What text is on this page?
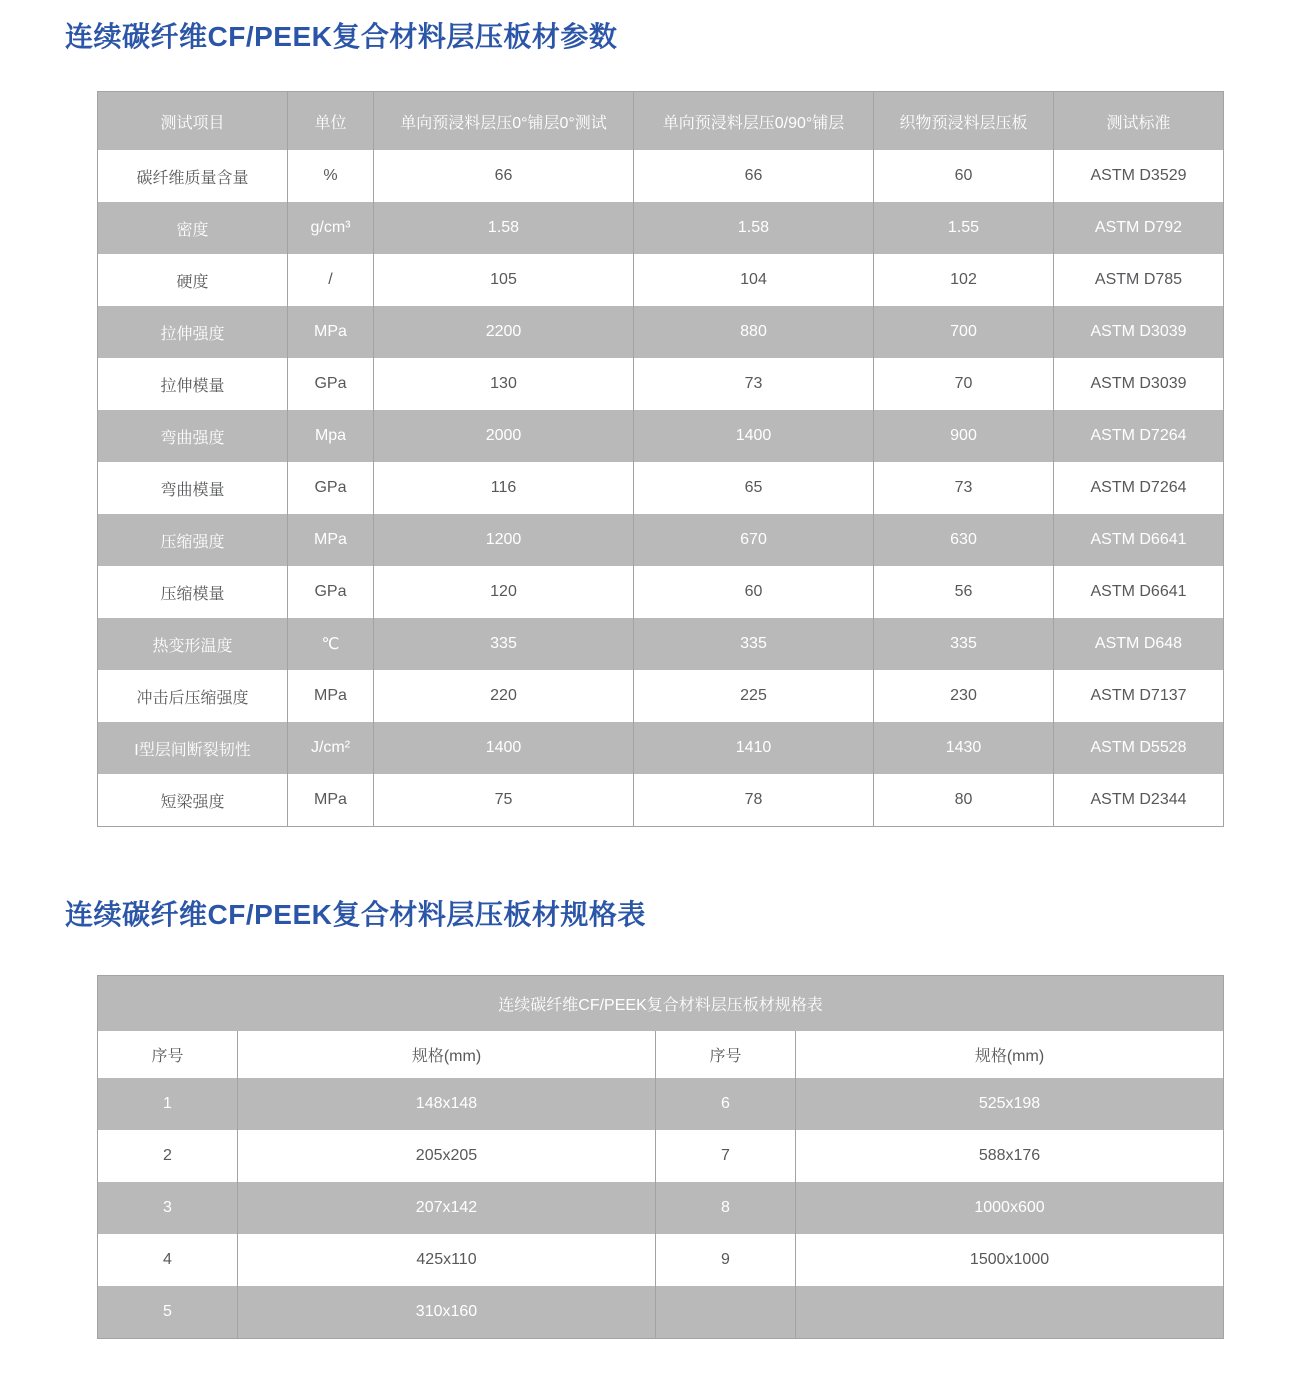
连续碳纤维CF/PEEK复合材料层压板材参数
测试项目	单位	单向预浸料层压0°铺层0°测试	单向预浸料层压0/90°铺层	织物预浸料层压板	测试标准
碳纤维质量含量	%	66	66	60	ASTM D3529
密度	g/cm³	1.58	1.58	1.55	ASTM D792
硬度	/	105	104	102	ASTM D785
拉伸强度	MPa	2200	880	700	ASTM D3039
拉伸模量	GPa	130	73	70	ASTM D3039
弯曲强度	Mpa	2000	1400	900	ASTM D7264
弯曲模量	GPa	116	65	73	ASTM D7264
压缩强度	MPa	1200	670	630	ASTM D6641
压缩模量	GPa	120	60	56	ASTM D6641
热变形温度	℃	335	335	335	ASTM D648
冲击后压缩强度	MPa	220	225	230	ASTM D7137
I型层间断裂韧性	J/cm²	1400	1410	1430	ASTM D5528
短梁强度	MPa	75	78	80	ASTM D2344
连续碳纤维CF/PEEK复合材料层压板材规格表
连续碳纤维CF/PEEK复合材料层压板材规格表			
序号	规格(mm)	序号	规格(mm)
1	148x148	6	525x198
2	205x205	7	588x176
3	207x142	8	1000x600
4	425x110	9	1500x1000
5	310x160		
